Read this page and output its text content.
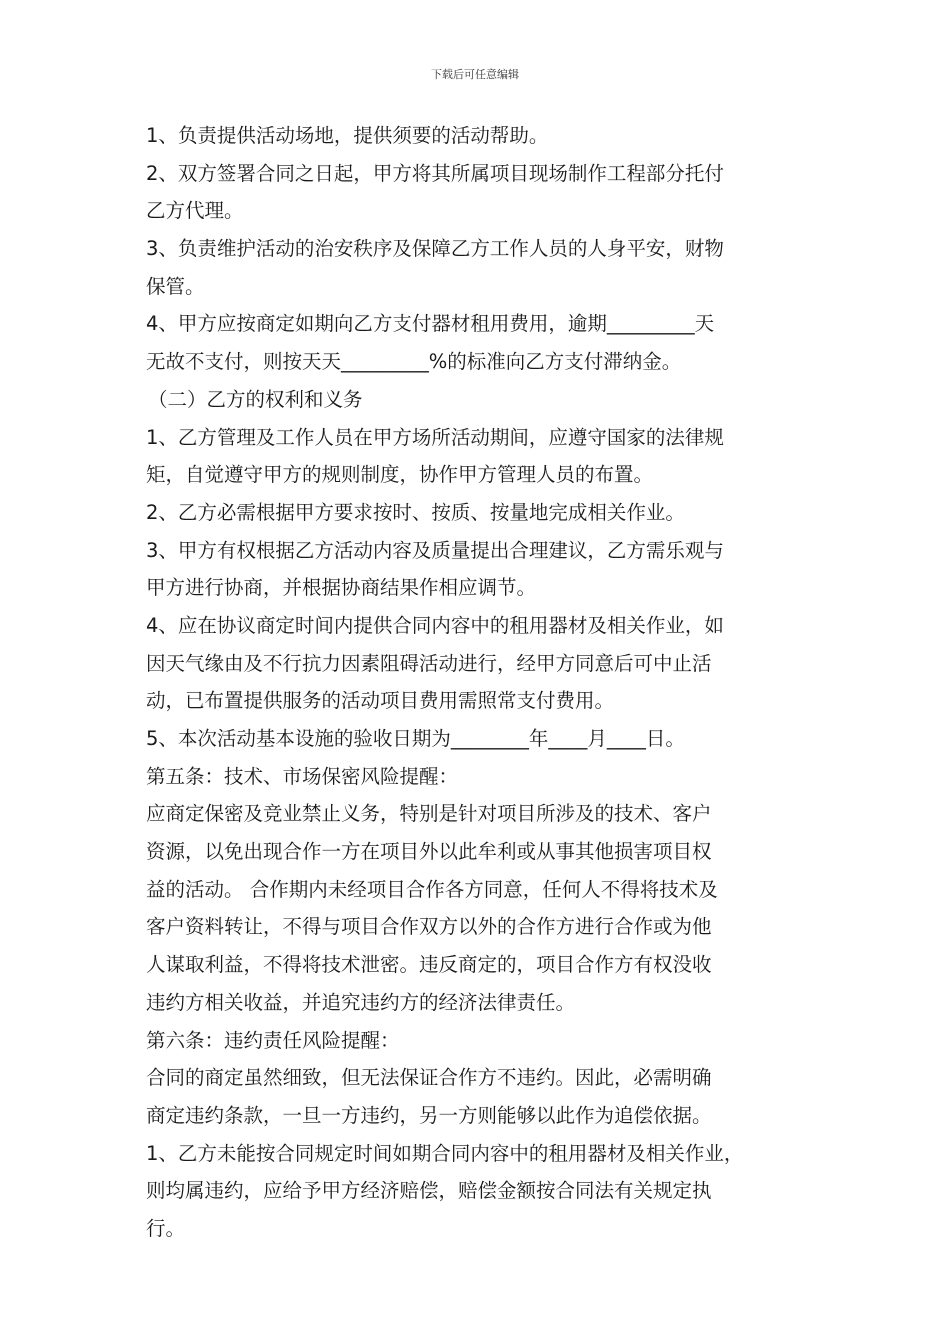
下载后可任意编辑
1、负责提供活动场地，提供须要的活动帮助。
2、双方签署合同之日起，甲方将其所属项目现场制作工程部分托付
乙方代理。
3、负责维护活动的治安秩序及保障乙方工作人员的人身平安，财物
保管。
4、甲方应按商定如期向乙方支付器材租用费用，逾期_________天
无故不支付，则按天天_________%的标准向乙方支付滞纳金。
（二）乙方的权利和义务
1、乙方管理及工作人员在甲方场所活动期间，应遵守国家的法律规
矩，自觉遵守甲方的规则制度，协作甲方管理人员的布置。
2、乙方必需根据甲方要求按时、按质、按量地完成相关作业。
3、甲方有权根据乙方活动内容及质量提出合理建议，乙方需乐观与
甲方进行协商，并根据协商结果作相应调节。
4、应在协议商定时间内提供合同内容中的租用器材及相关作业，如
因天气缘由及不行抗力因素阻碍活动进行，经甲方同意后可中止活
动，已布置提供服务的活动项目费用需照常支付费用。
5、本次活动基本设施的验收日期为________年____月____日。
第五条：技术、市场保密风险提醒：
应商定保密及竞业禁止义务，特别是针对项目所涉及的技术、客户
资源，以免出现合作一方在项目外以此牟利或从事其他损害项目权
益的活动。 合作期内未经项目合作各方同意，任何人不得将技术及
客户资料转让，不得与项目合作双方以外的合作方进行合作或为他
人谋取利益，不得将技术泄密。违反商定的，项目合作方有权没收
违约方相关收益，并追究违约方的经济法律责任。
第六条：违约责任风险提醒：
合同的商定虽然细致，但无法保证合作方不违约。因此，必需明确
商定违约条款，一旦一方违约，另一方则能够以此作为追偿依据。
1、乙方未能按合同规定时间如期合同内容中的租用器材及相关作业，
则均属违约，应给予甲方经济赔偿，赔偿金额按合同法有关规定执
行。
